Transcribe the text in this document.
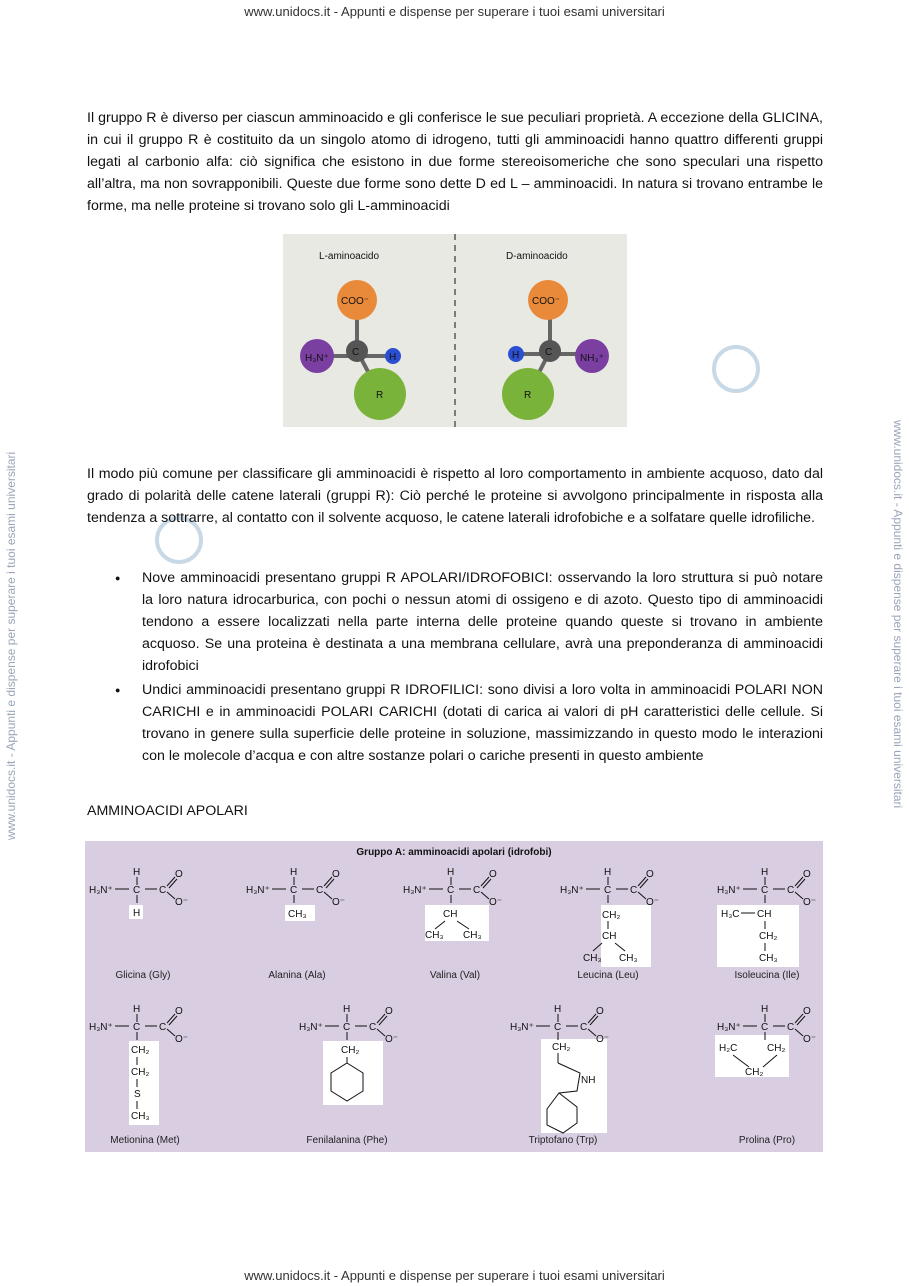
www.unidocs.it - Appunti e dispense per superare i tuoi esami universitari
www.unidocs.it - Appunti e dispense per superare i tuoi esami universitari
www.unidocs.it - Appunti e dispense per superare i tuoi esami universitari	www.unidocs.it - Appunti e dispense per superare i tuoi esami universitari
Il gruppo R è diverso per ciascun amminoacido e gli conferisce le sue peculiari proprietà. A eccezione della GLICINA, in cui il gruppo R è costituito da un singolo atomo di idrogeno, tutti gli amminoacidi hanno quattro differenti gruppi legati al carbonio alfa: ciò significa che esistono in due forme stereoisomeriche che sono speculari una rispetto all’altra, ma non sovrapponibili. Queste due forme sono dette D ed L – amminoacidi. In natura si trovano entrambe le forme, ma nelle proteine si trovano solo gli L-amminoacidi
L-aminoacido	D-aminoacido
COO⁻
H₃N⁺
C	H
R
COO⁻
NH₃⁺
C
H
R
Il modo più comune per classificare gli amminoacidi è rispetto al loro comportamento in ambiente acquoso, dato dal grado di polarità delle catene laterali (gruppi R): Ciò perché le proteine si avvolgono principalmente in risposta alla tendenza a sottrarre, al contatto con il solvente acquoso, le catene laterali idrofobiche e a solfatare quelle idrofiliche.
● Nove amminoacidi presentano gruppi R APOLARI/IDROFOBICI: osservando la loro struttura si può notare la loro natura idrocarburica, con pochi o nessun atomi di ossigeno e di azoto. Questo tipo di amminoacidi tendono a essere localizzati nella parte interna delle proteine quando queste si trovano in ambiente acquoso. Se una proteina è destinata a una membrana cellulare, avrà una preponderanza di amminoacidi idrofobici
● Undici amminoacidi presentano gruppi R IDROFILICI: sono divisi a loro volta in amminoacidi POLARI NON CARICHI e in amminoacidi POLARI CARICHI (dotati di carica ai valori di pH caratteristici delle cellule. Si trovano in genere sulla superficie delle proteine in soluzione, massimizzando in questo modo le interazioni con le molecole d’acqua e con altre sostanze polari o cariche presenti in questo ambiente
AMMINOACIDI APOLARI
Gruppo A: amminoacidi apolari (idrofobi)
H
H₃N⁺ C C
O
O⁻
H
Glicina (Gly)
H
H₃N⁺ C C
O
O⁻
CH₃
Alanina (Ala)
H
H₃N⁺ C C
O
O⁻
CH
CH₃ CH₃
Valina (Val)
H
H₃N⁺ C C
O
O⁻
CH₂
CH
CH₃ CH₃
Leucina (Leu)
H
H₃N⁺ C C
O
O⁻
H₃C CH
CH₂
CH₃
Isoleucina (Ile)
H
H₃N⁺ C C
O
O⁻
CH₂
CH₂
S
CH₃
Metionina (Met)
H
H₃N⁺ C C
O
O⁻
CH₂
Fenilalanina (Phe)
H
H₃N⁺ C C
O
O⁻
CH₂
NH
Triptofano (Trp)
H
H₃N⁺ C C
O
O⁻
H₂C	CH₂
CH₂
Prolina (Pro)
